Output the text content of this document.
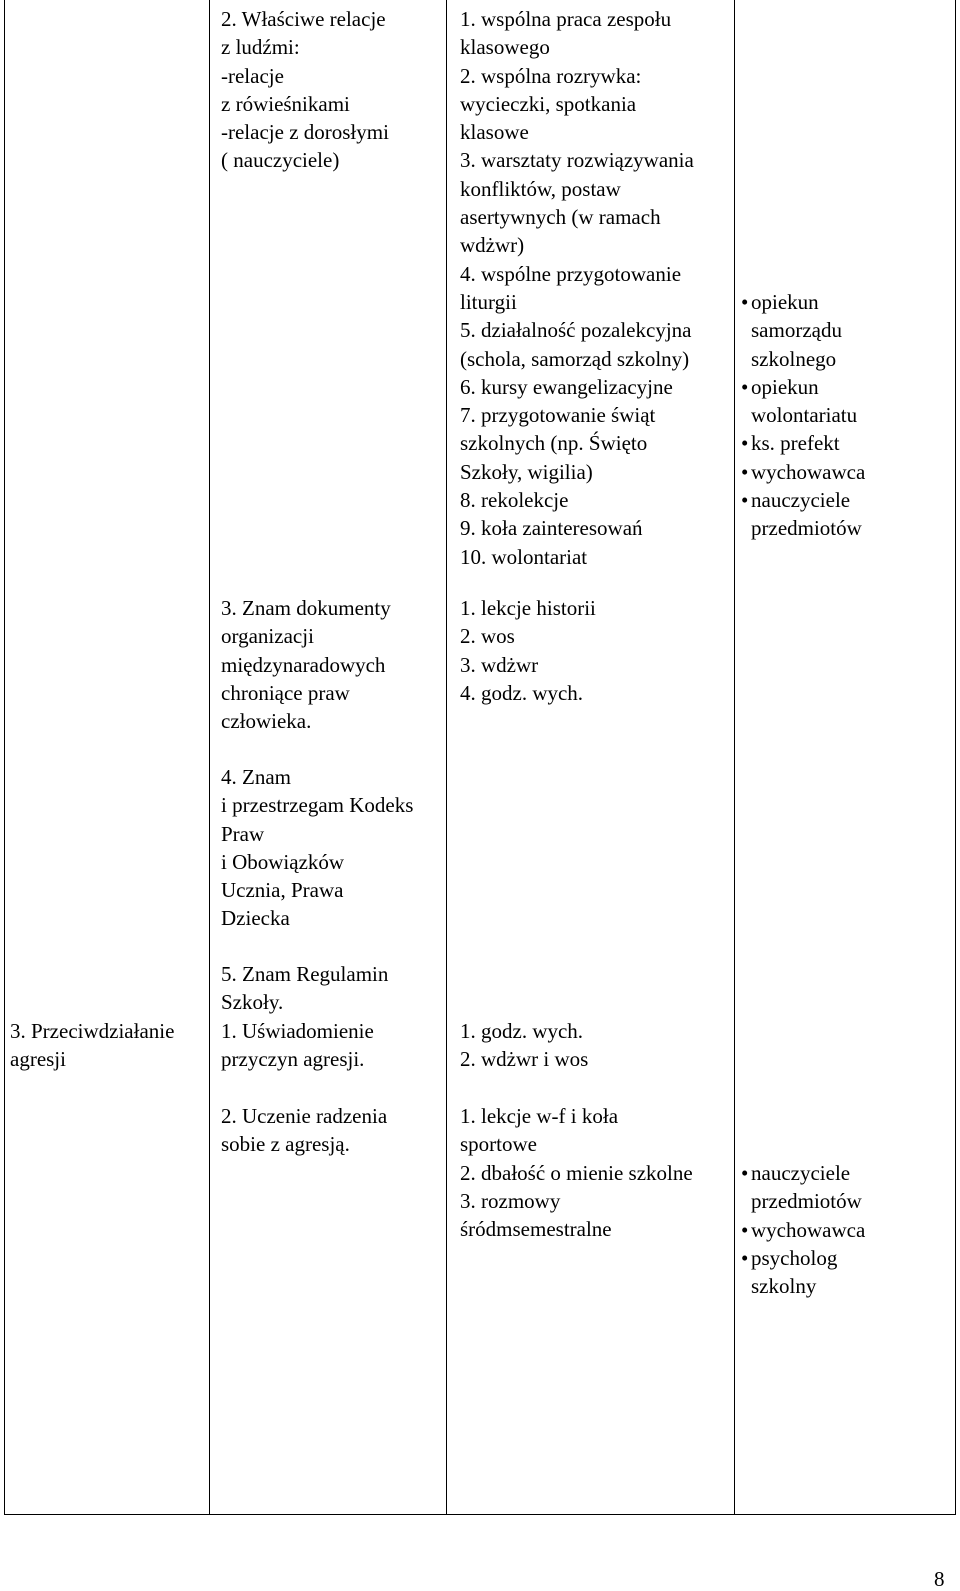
3. Przeciwdziałanie
agresji

2. Właściwe relacje
z ludźmi:
-relacje
z rówieśnikami
-relacje z dorosłymi
( nauczyciele)

3. Znam dokumenty
organizacji
międzynaradowych
chroniące praw
człowieka.

4. Znam
i przestrzegam Kodeks
Praw
i Obowiązków
Ucznia, Prawa
Dziecka

5. Znam Regulamin
Szkoły.

1. Uświadomienie
przyczyn agresji.

2. Uczenie radzenia
sobie z agresją.

1. wspólna praca zespołu
klasowego
2. wspólna rozrywka:
wycieczki, spotkania
klasowe
3. warsztaty rozwiązywania
konfliktów, postaw
asertywnych (w ramach
wdżwr)
4. wspólne przygotowanie
liturgii
5. działalność pozalekcyjna
(schola, samorząd szkolny)
6. kursy ewangelizacyjne
7. przygotowanie świąt
szkolnych (np. Święto
Szkoły, wigilia)
8. rekolekcje
9. koła zainteresowań
10. wolontariat

1. lekcje historii
2. wos
3. wdżwr
4. godz. wych.

1. godz. wych.
2. wdżwr i wos

1. lekcje w-f i koła
sportowe
2. dbałość o mienie szkolne
3. rozmowy
śródmsemestralne

• opiekun
samorządu
szkolnego
• opiekun
wolontariatu
• ks. prefekt
• wychowawca
• nauczyciele
przedmiotów
• nauczyciele
przedmiotów
• wychowawca
• psycholog
szkolny
8
